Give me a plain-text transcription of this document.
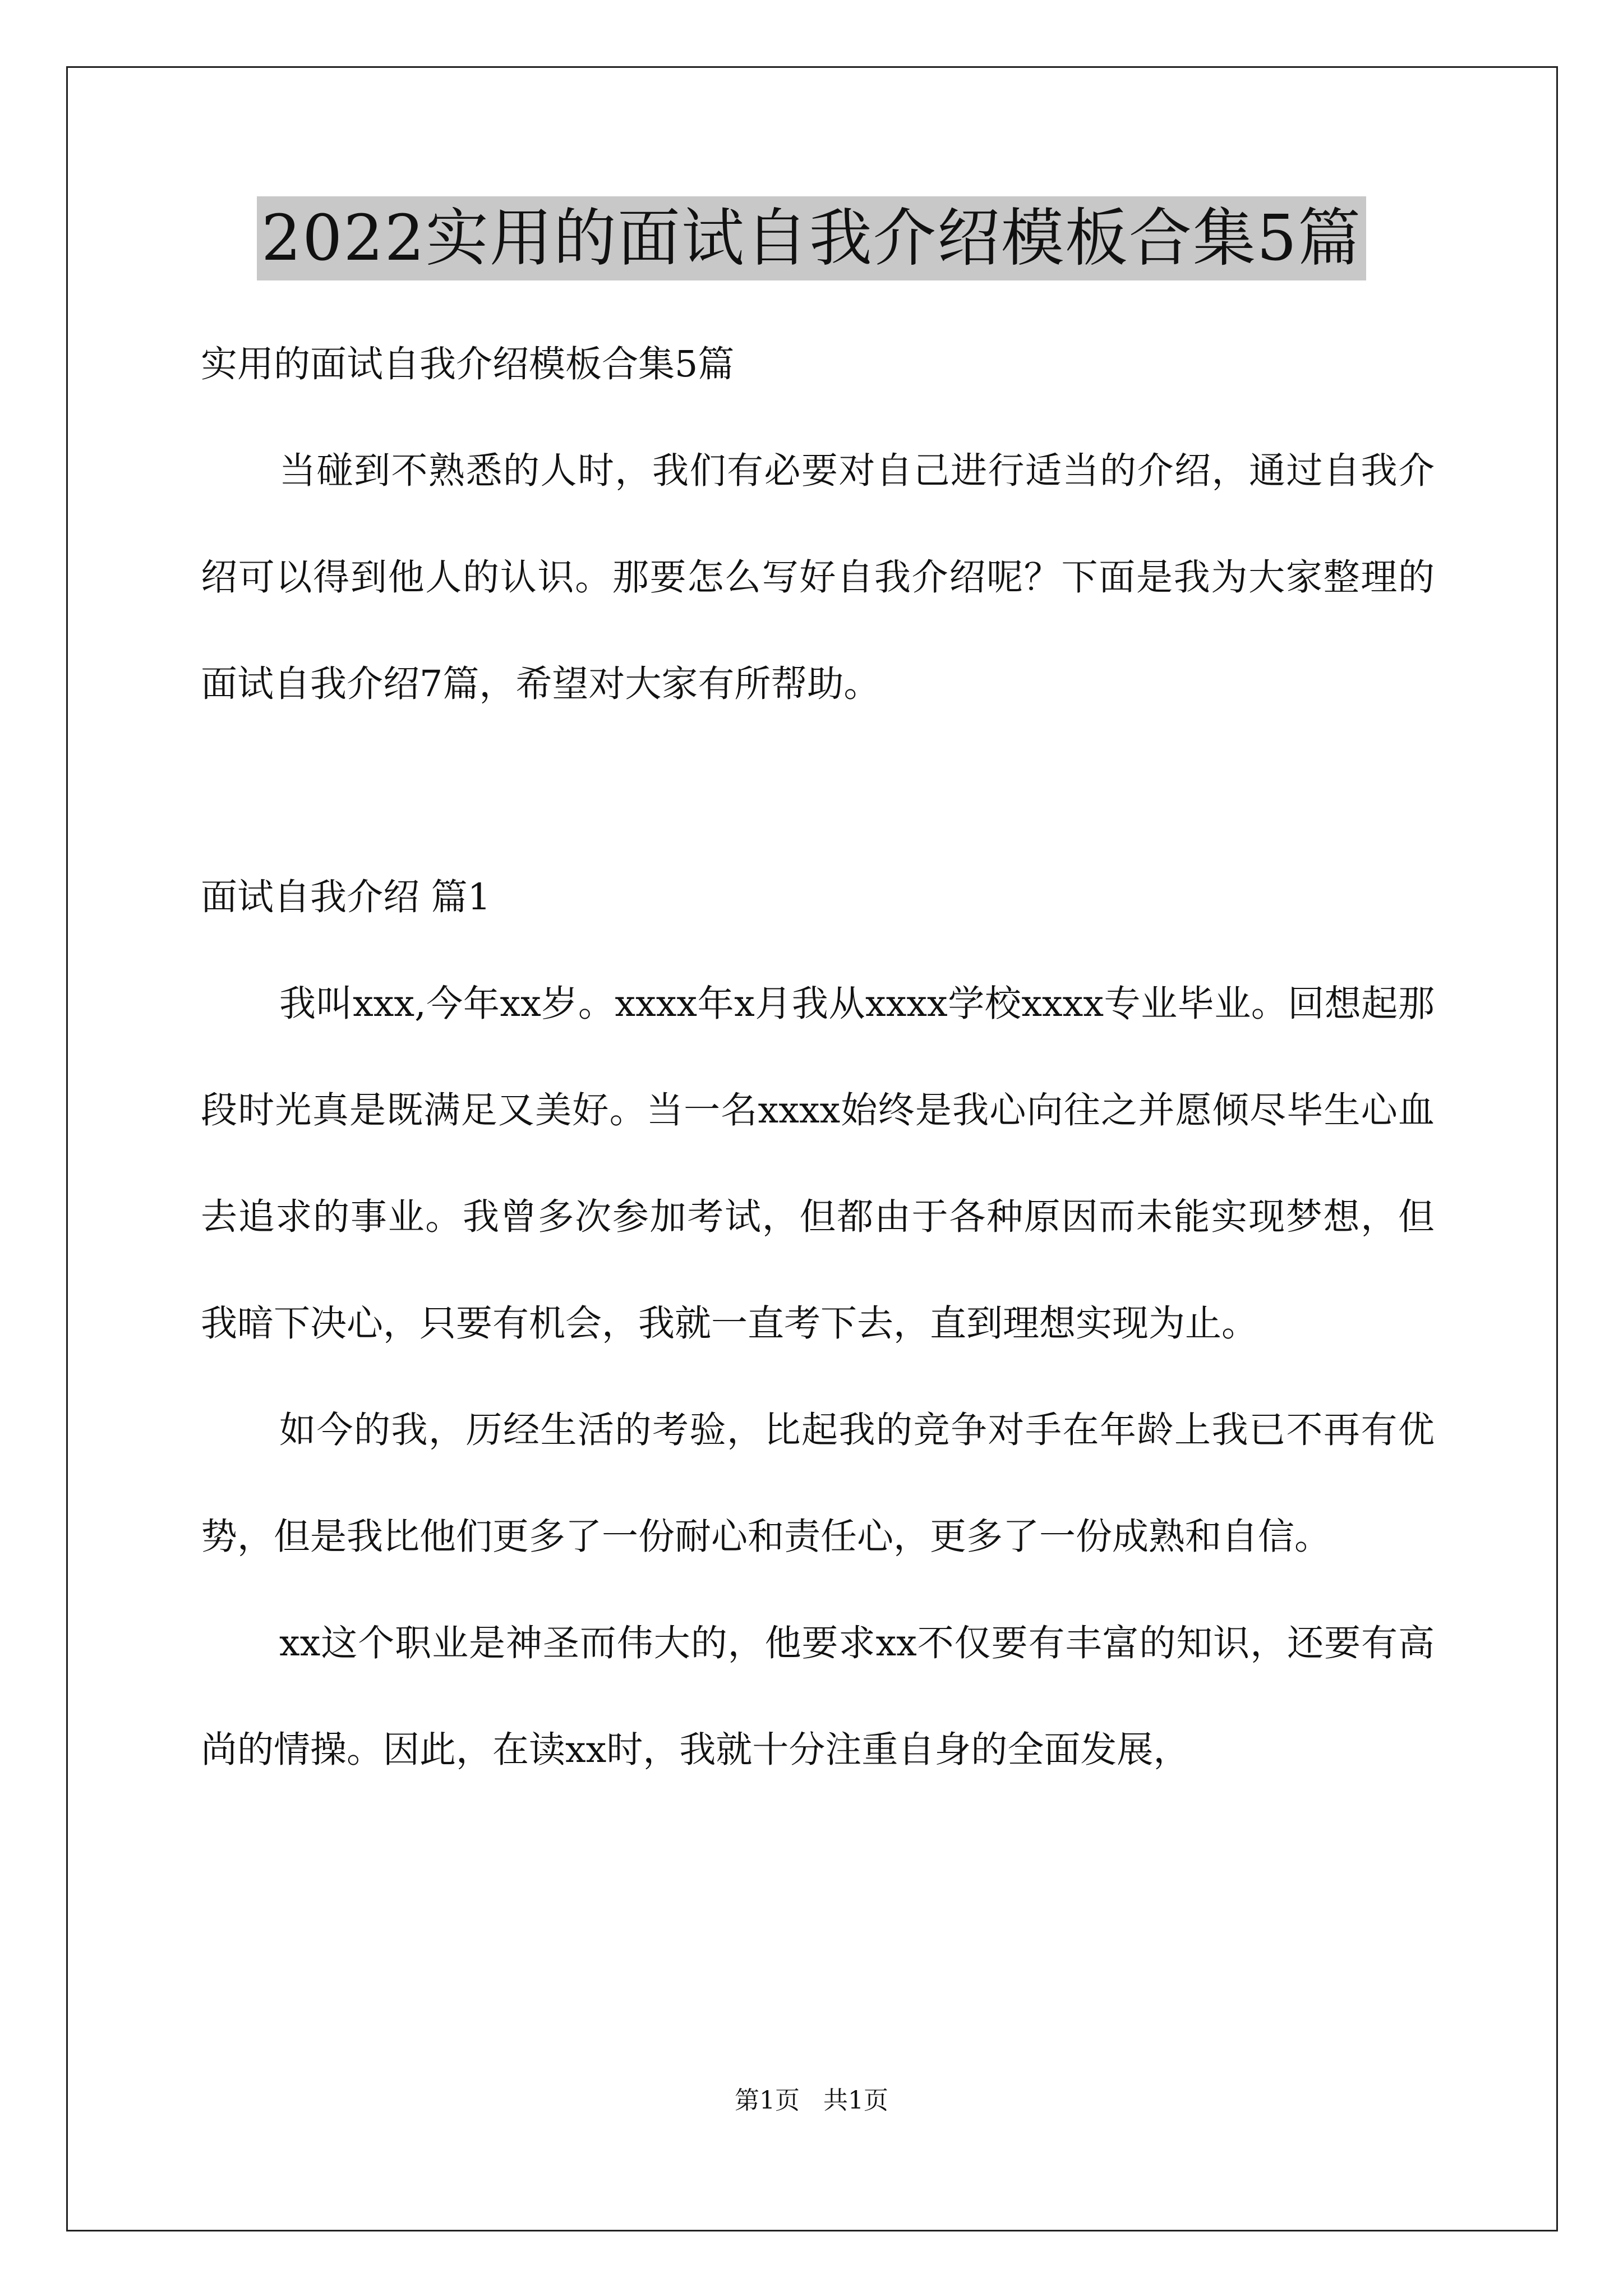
2022实用的面试自我介绍模板合集5篇

实用的面试自我介绍模板合集5篇

当碰到不熟悉的人时，我们有必要对自己进行适当的介绍，通过自我介绍可以得到他人的认识。那要怎么写好自我介绍呢？下面是我为大家整理的面试自我介绍7篇，希望对大家有所帮助。

面试自我介绍 篇1

我叫xxx,今年xx岁。xxxx年x月我从xxxx学校xxxx专业毕业。回想起那段时光真是既满足又美好。当一名xxxx始终是我心向往之并愿倾尽毕生心血去追求的事业。我曾多次参加考试，但都由于各种原因而未能实现梦想，但我暗下决心，只要有机会，我就一直考下去，直到理想实现为止。

如今的我，历经生活的考验，比起我的竞争对手在年龄上我已不再有优势，但是我比他们更多了一份耐心和责任心，更多了一份成熟和自信。

xx这个职业是神圣而伟大的，他要求xx不仅要有丰富的知识，还要有高尚的情操。因此，在读xx时，我就十分注重自身的全面发展，

第1页   共1页
